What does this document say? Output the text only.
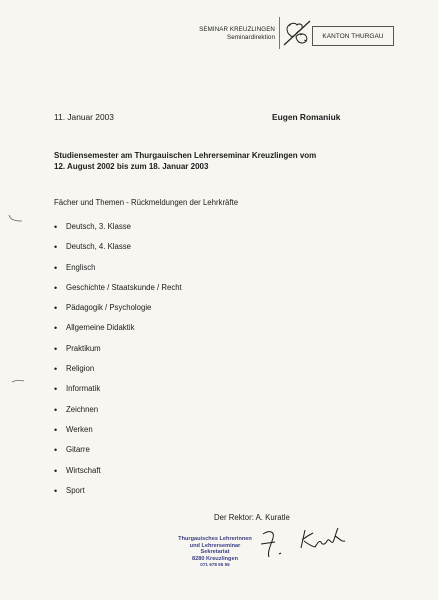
SEMINAR KREUZLINGEN
Seminardirektion	KANTON THURGAU
11. Januar 2003	Eugen Romaniuk
Studiensemester am Thurgauischen Lehrerseminar Kreuzlingen vom
12. August 2002 bis zum 18. Januar 2003
Fächer und Themen - Rückmeldungen der Lehrkräfte
• Deutsch, 3. Klasse
• Deutsch, 4. Klasse
• Englisch
• Geschichte / Staatskunde / Recht
• Pädagogik / Psychologie
• Allgemeine Didaktik
• Praktikum
• Religion
• Informatik
• Zeichnen
• Werken
• Gitarre
• Wirtschaft
• Sport
Der Rektor: A. Kuratle
Thurgauisches Lehrerinnen
und Lehrerseminar
Sekretariat
8280 Kreuzlingen
071 678 55 55
